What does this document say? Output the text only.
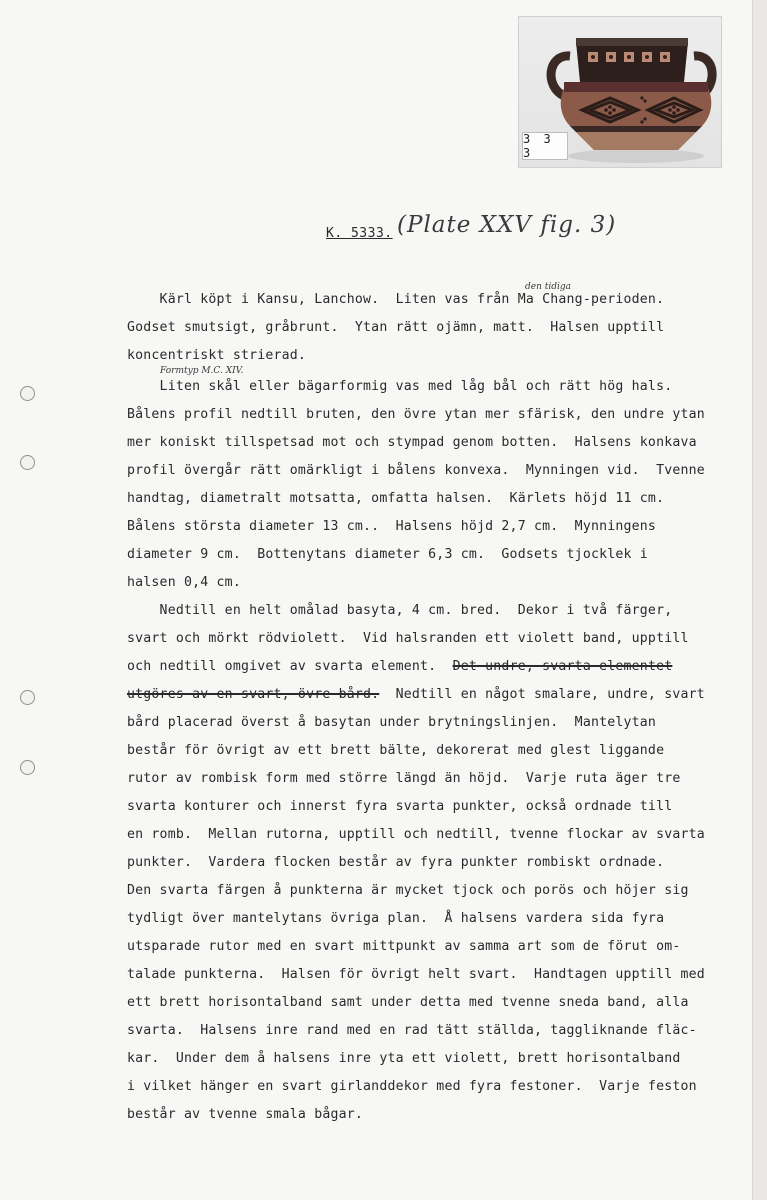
3 3 3
K. 5333. (Plate XXV fig. 3)
den tidiga
Formtyp M.C. XIV.
Kärl köpt i Kansu, Lanchow.  Liten vas från Ma Chang-perioden.
Godset smutsigt, gråbrunt.  Ytan rätt ojämn, matt.  Halsen upptill
koncentriskt strierad.
Liten skål eller bägarformig vas med låg bål och rätt hög hals.
Bålens profil nedtill bruten, den övre ytan mer sfärisk, den undre ytan
mer koniskt tillspetsad mot och stympad genom botten.  Halsens konkava
profil övergår rätt omärkligt i bålens konvexa.  Mynningen vid.  Tvenne
handtag, diametralt motsatta, omfatta halsen.  Kärlets höjd 11 cm.
Bålens största diameter 13 cm..  Halsens höjd 2,7 cm.  Mynningens
diameter 9 cm.  Bottenytans diameter 6,3 cm.  Godsets tjocklek i
halsen 0,4 cm.
Nedtill en helt omålad basyta, 4 cm. bred.  Dekor i två färger,
svart och mörkt rödviolett.  Vid halsranden ett violett band, upptill
och nedtill omgivet av svarta element.  Det undre, svarta elementet
utgöres av en svart, övre bård.  Nedtill en något smalare, undre, svart
bård placerad överst å basytan under brytningslinjen.  Mantelytan
består för övrigt av ett brett bälte, dekorerat med glest liggande
rutor av rombisk form med större längd än höjd.  Varje ruta äger tre
svarta konturer och innerst fyra svarta punkter, också ordnade till
en romb.  Mellan rutorna, upptill och nedtill, tvenne flockar av svarta
punkter.  Vardera flocken består av fyra punkter rombiskt ordnade.
Den svarta färgen å punkterna är mycket tjock och porös och höjer sig
tydligt över mantelytans övriga plan.  Å halsens vardera sida fyra
utsparade rutor med en svart mittpunkt av samma art som de förut om-
talade punkterna.  Halsen för övrigt helt svart.  Handtagen upptill med
ett brett horisontalband samt under detta med tvenne sneda band, alla
svarta.  Halsens inre rand med en rad tätt ställda, taggliknande fläc-
kar.  Under dem å halsens inre yta ett violett, brett horisontalband
i vilket hänger en svart girlanddekor med fyra festoner.  Varje feston
består av tvenne smala bågar.
